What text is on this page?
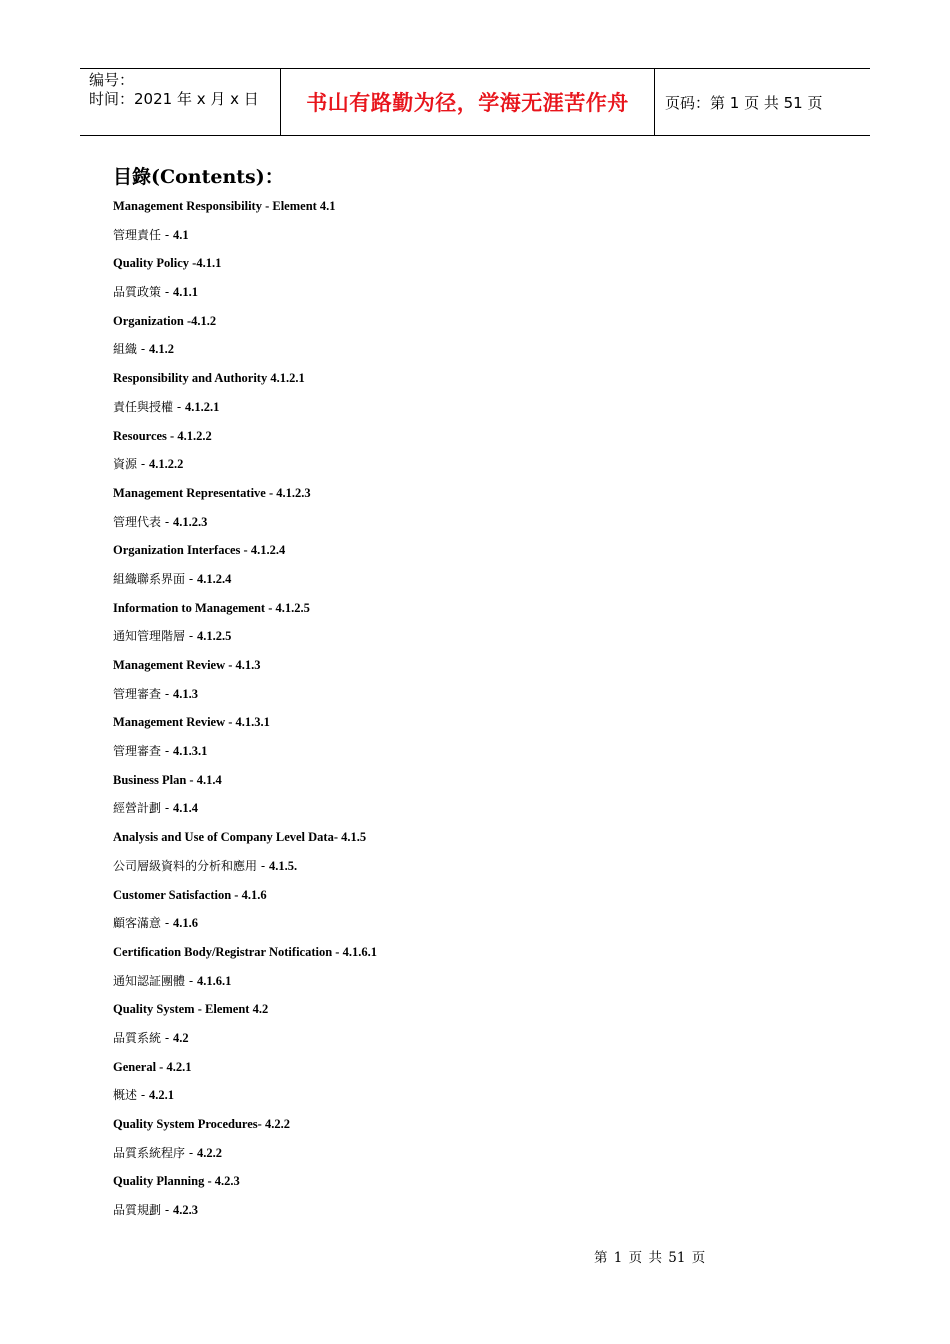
编号：
时间：2021 年 x 月 x 日	书山有路勤为径，学海无涯苦作舟 页码：第 1 页 共 51 页
目錄(Contents)：
Management Responsibility - Element 4.1
管理責任 - 4.1
Quality Policy -4.1.1
品質政策 - 4.1.1
Organization -4.1.2
組織 - 4.1.2
Responsibility and Authority 4.1.2.1
責任與授權 - 4.1.2.1
Resources - 4.1.2.2
資源 - 4.1.2.2
Management Representative - 4.1.2.3
管理代表 - 4.1.2.3
Organization Interfaces - 4.1.2.4
組織聯系界面 - 4.1.2.4
Information to Management - 4.1.2.5
通知管理階層 - 4.1.2.5
Management Review - 4.1.3
管理審查 - 4.1.3
Management Review - 4.1.3.1
管理審查 - 4.1.3.1
Business Plan - 4.1.4
經營計劃 - 4.1.4
Analysis and Use of Company Level Data- 4.1.5
公司層級資料的分析和應用 - 4.1.5.
Customer Satisfaction - 4.1.6
顧客滿意 - 4.1.6
Certification Body/Registrar Notification - 4.1.6.1
通知認証團體 - 4.1.6.1
Quality System - Element 4.2
品質系統 - 4.2
General - 4.2.1
概述 - 4.2.1
Quality System Procedures- 4.2.2
品質系統程序 - 4.2.2
Quality Planning - 4.2.3
品質規劃 - 4.2.3
第 1 页 共 51 页
